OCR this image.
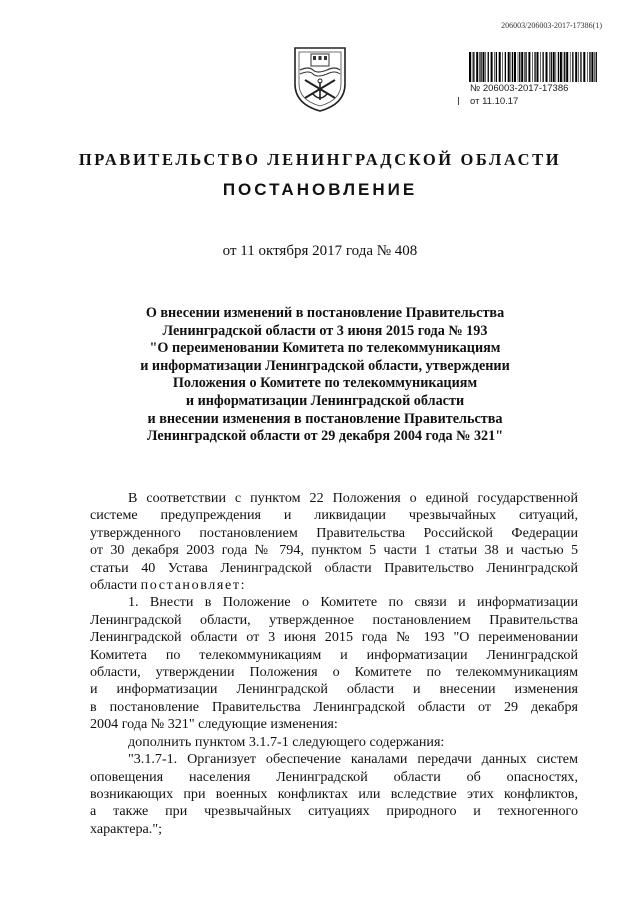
206003/206003-2017-17386(1)
№ 206003-2017-17386
от 11.10.17
ПРАВИТЕЛЬСТВО ЛЕНИНГРАДСКОЙ ОБЛАСТИ
ПОСТАНОВЛЕНИЕ
от 11 октября 2017 года № 408
О внесении изменений в постановление Правительства
Ленинградской области от 3 июня 2015 года № 193
"О переименовании Комитета по телекоммуникациям
и информатизации Ленинградской области, утверждении
Положения о Комитете по телекоммуникациям
и информатизации Ленинградской области
и внесении изменения в постановление Правительства
Ленинградской области от 29 декабря 2004 года № 321"
В соответствии с пунктом 22 Положения о единой государственной
системе предупреждения и ликвидации чрезвычайных ситуаций,
утвержденного постановлением Правительства Российской Федерации
от 30 декабря 2003 года № 794, пунктом 5 части 1 статьи 38 и частью 5
статьи 40 Устава Ленинградской области Правительство Ленинградской
области постановляет:
1. Внести в Положение о Комитете по связи и информатизации
Ленинградской области, утвержденное постановлением Правительства
Ленинградской области от 3 июня 2015 года № 193 "О переименовании
Комитета по телекоммуникациям и информатизации Ленинградской
области, утверждении Положения о Комитете по телекоммуникациям
и информатизации Ленинградской области и внесении изменения
в постановление Правительства Ленинградской области от 29 декабря
2004 года № 321" следующие изменения:
дополнить пунктом 3.1.7-1 следующего содержания:
"3.1.7-1. Организует обеспечение каналами передачи данных систем
оповещения населения Ленинградской области об опасностях,
возникающих при военных конфликтах или вследствие этих конфликтов,
а также при чрезвычайных ситуациях природного и техногенного
характера.";
